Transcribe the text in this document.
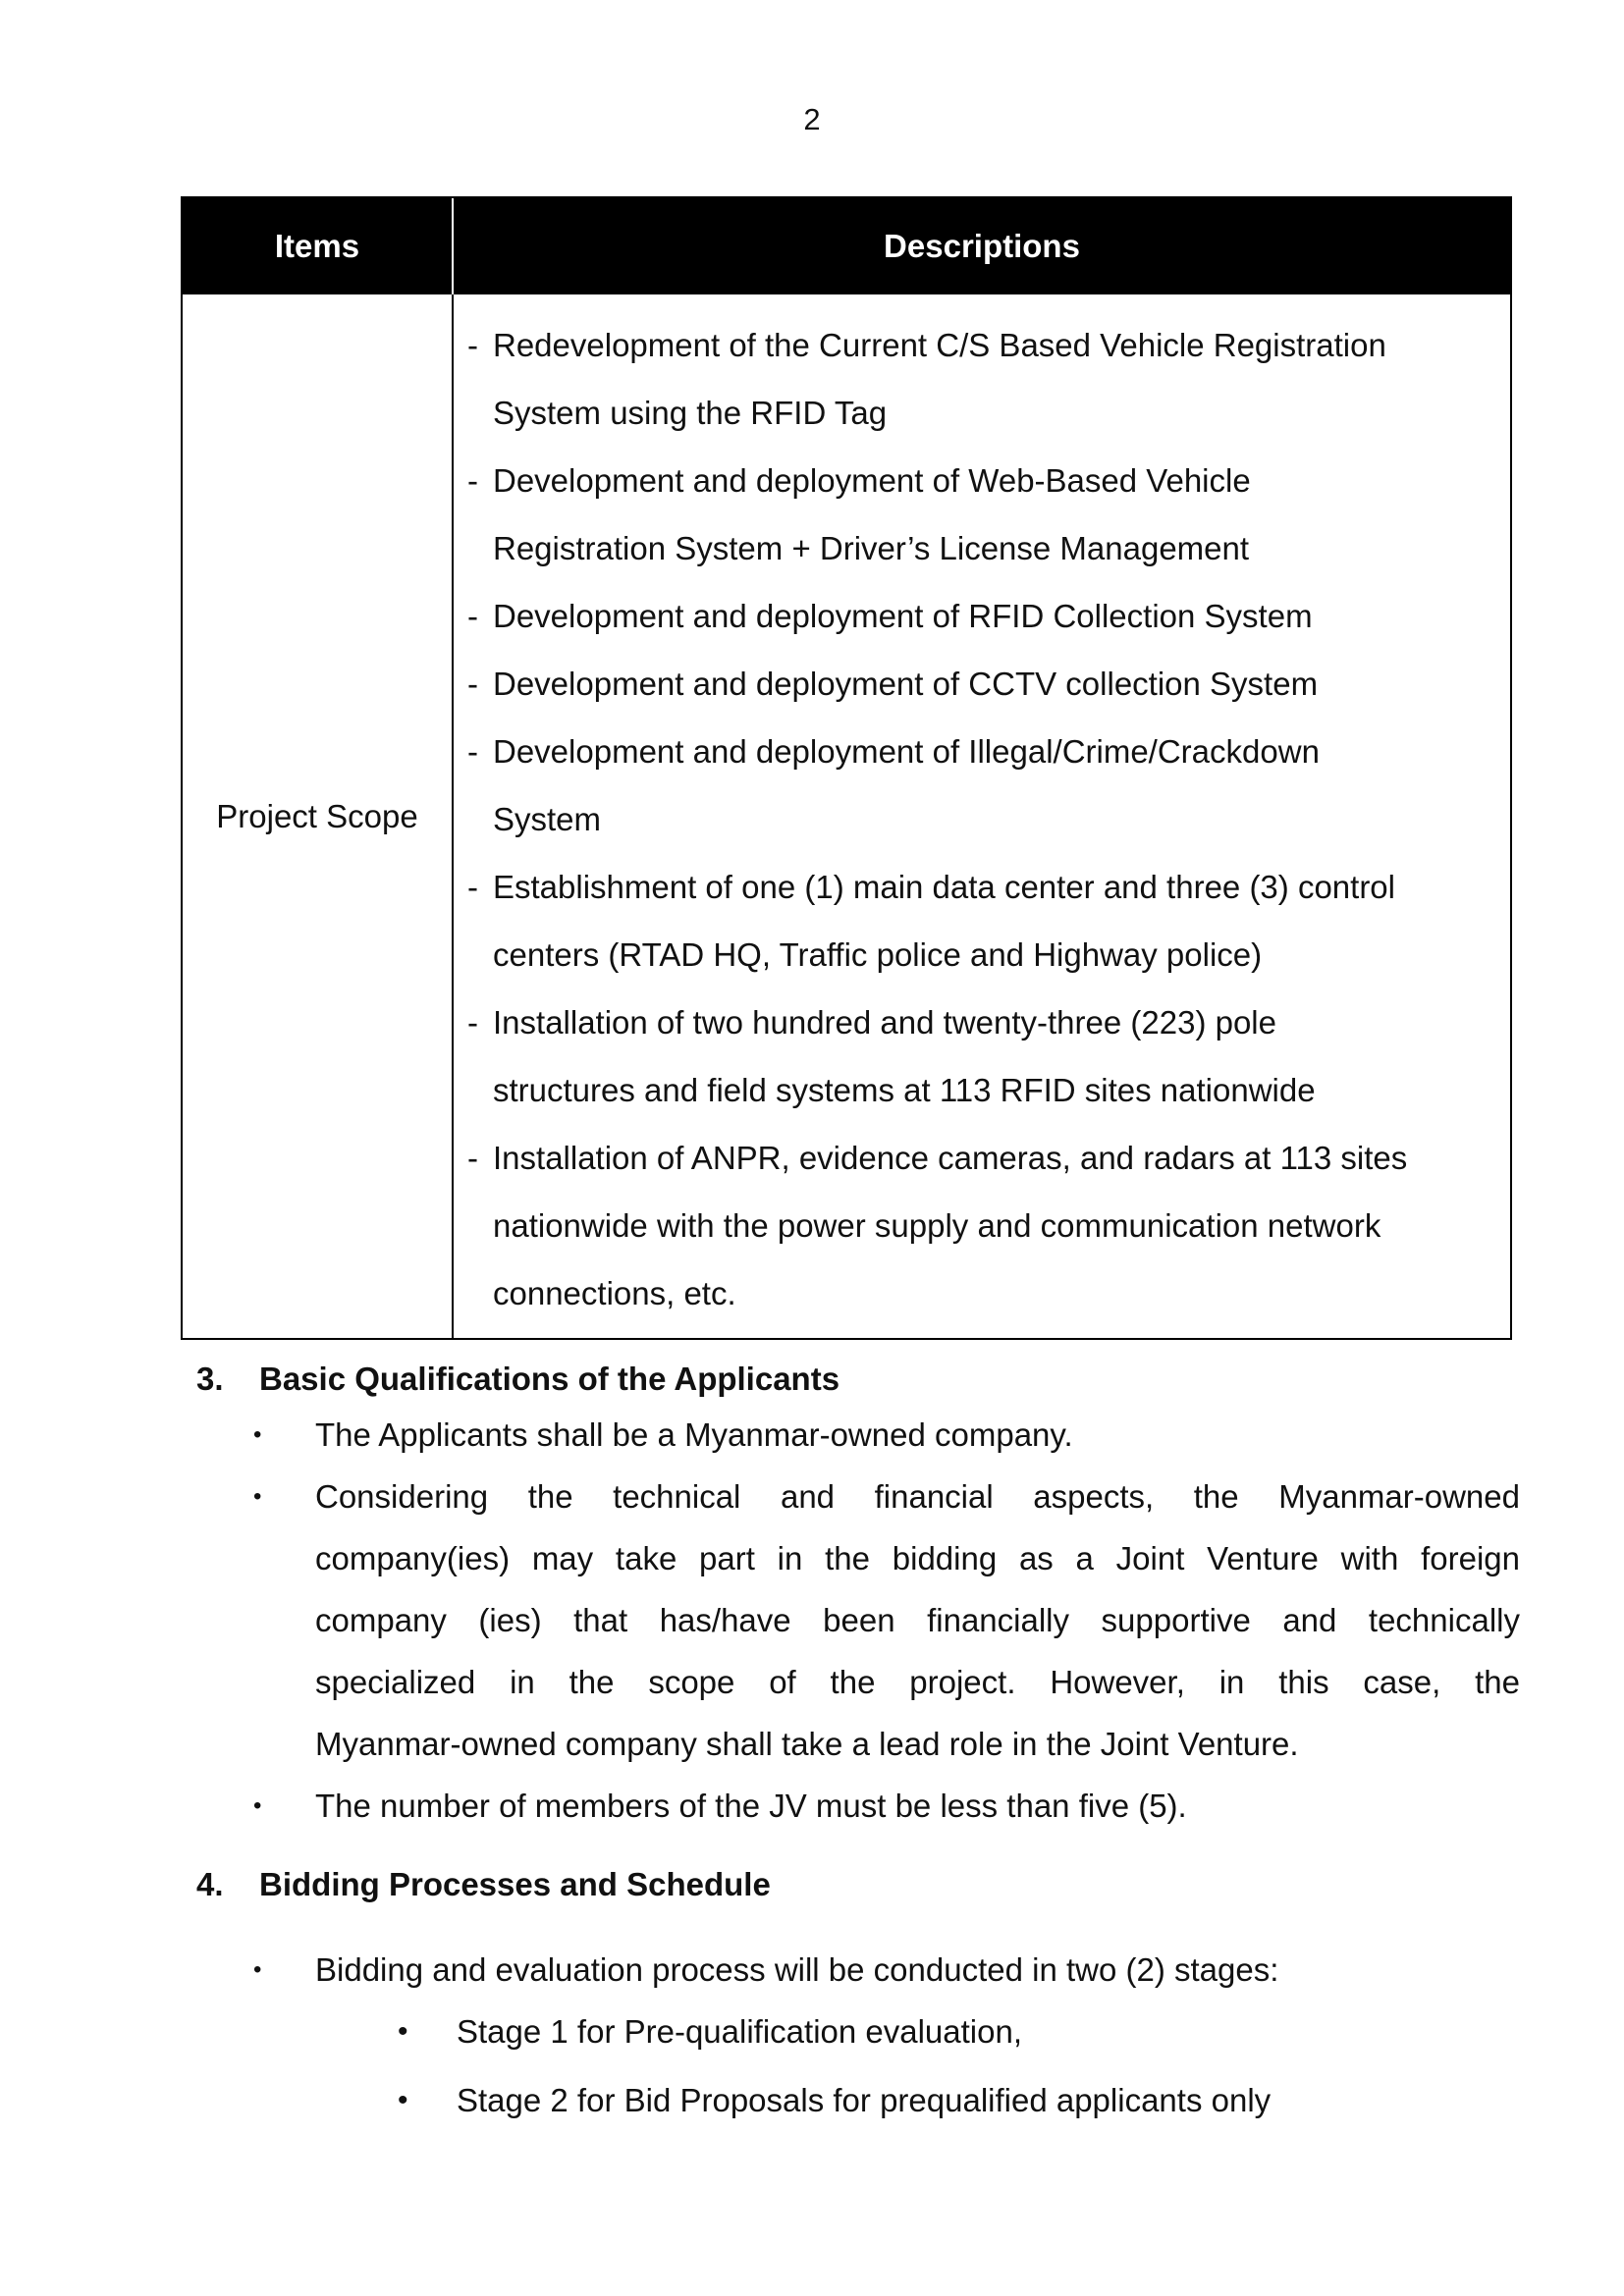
2
Items	Descriptions
Project Scope
- Redevelopment of the Current C/S Based Vehicle Registration
System using the RFID Tag
- Development and deployment of Web-Based Vehicle
Registration System + Driver’s License Management
- Development and deployment of RFID Collection System
- Development and deployment of CCTV collection System
- Development and deployment of Illegal/Crime/Crackdown
System
- Establishment of one (1) main data center and three (3) control
centers (RTAD HQ, Traffic police and Highway police)
- Installation of two hundred and twenty-three (223) pole
structures and field systems at 113 RFID sites nationwide
- Installation of ANPR, evidence cameras, and radars at 113 sites
nationwide with the power supply and communication network
connections, etc.
3. Basic Qualifications of the Applicants
• The Applicants shall be a Myanmar-owned company.
• Considering the technical and financial aspects, the Myanmar-owned
company(ies) may take part in the bidding as a Joint Venture with foreign
company (ies) that has/have been financially supportive and technically
specialized in the scope of the project. However, in this case, the
Myanmar-owned company shall take a lead role in the Joint Venture.
• The number of members of the JV must be less than five (5).
4. Bidding Processes and Schedule
• Bidding and evaluation process will be conducted in two (2) stages:
• Stage 1 for Pre-qualification evaluation,
• Stage 2 for Bid Proposals for prequalified applicants only
